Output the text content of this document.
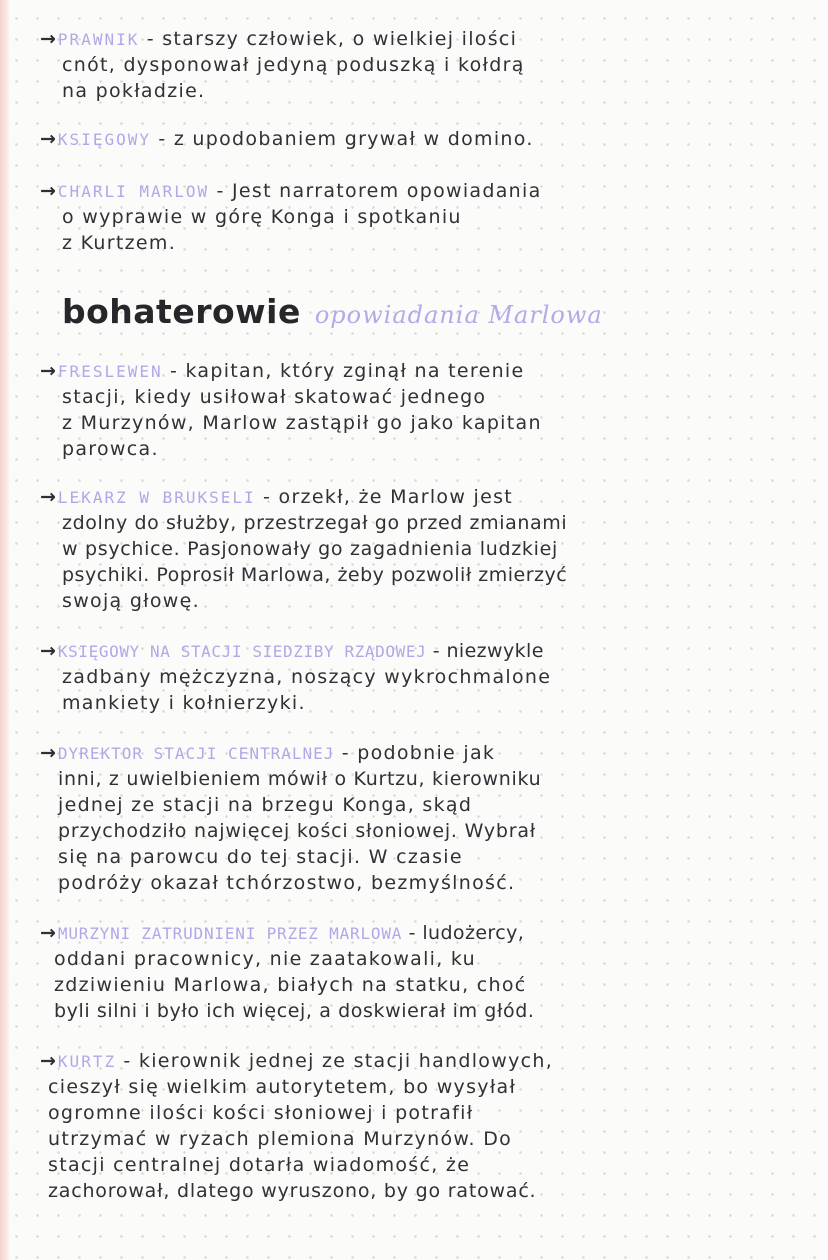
→ PRAWNIK - starszy człowiek, o wielkiej ilości
cnót, dysponował jedyną poduszką i kołdrą
na pokładzie.
→ KSIĘGOWY - z upodobaniem grywał w domino.
→ CHARLI MARLOW - Jest narratorem opowiadania
o wyprawie w górę Konga i spotkaniu
z Kurtzem.
bohaterowie opowiadania Marlowa
→ FRESLEWEN - kapitan, który zginął na terenie
stacji, kiedy usiłował skatować jednego
z Murzynów, Marlow zastąpił go jako kapitan
parowca.
→ LEKARZ W BRUKSELI - orzekł, że Marlow jest
zdolny do służby, przestrzegał go przed zmianami
w psychice. Pasjonowały go zagadnienia ludzkiej
psychiki. Poprosił Marlowa, żeby pozwolił zmierzyć
swoją głowę.
→ KSIĘGOWY NA STACJI SIEDZIBY RZĄDOWEJ - niezwykle
zadbany mężczyzna, noszący wykrochmalone
mankiety i kołnierzyki.
→ DYREKTOR STACJI CENTRALNEJ - podobnie jak
inni, z uwielbieniem mówił o Kurtzu, kierowniku
jednej ze stacji na brzegu Konga, skąd
przychodziło najwięcej kości słoniowej. Wybrał
się na parowcu do tej stacji. W czasie
podróży okazał tchórzostwo, bezmyślność.
→ MURZYNI ZATRUDNIENI PRZEZ MARLOWA - ludożercy,
oddani pracownicy, nie zaatakowali, ku
zdziwieniu Marlowa, białych na statku, choć
byli silni i było ich więcej, a doskwierał im głód.
→ KURTZ - kierownik jednej ze stacji handlowych,
cieszył się wielkim autorytetem, bo wysyłał
ogromne ilości kości słoniowej i potrafił
utrzymać w ryzach plemiona Murzynów. Do
stacji centralnej dotarła wiadomość, że
zachorował, dlatego wyruszono, by go ratować.
